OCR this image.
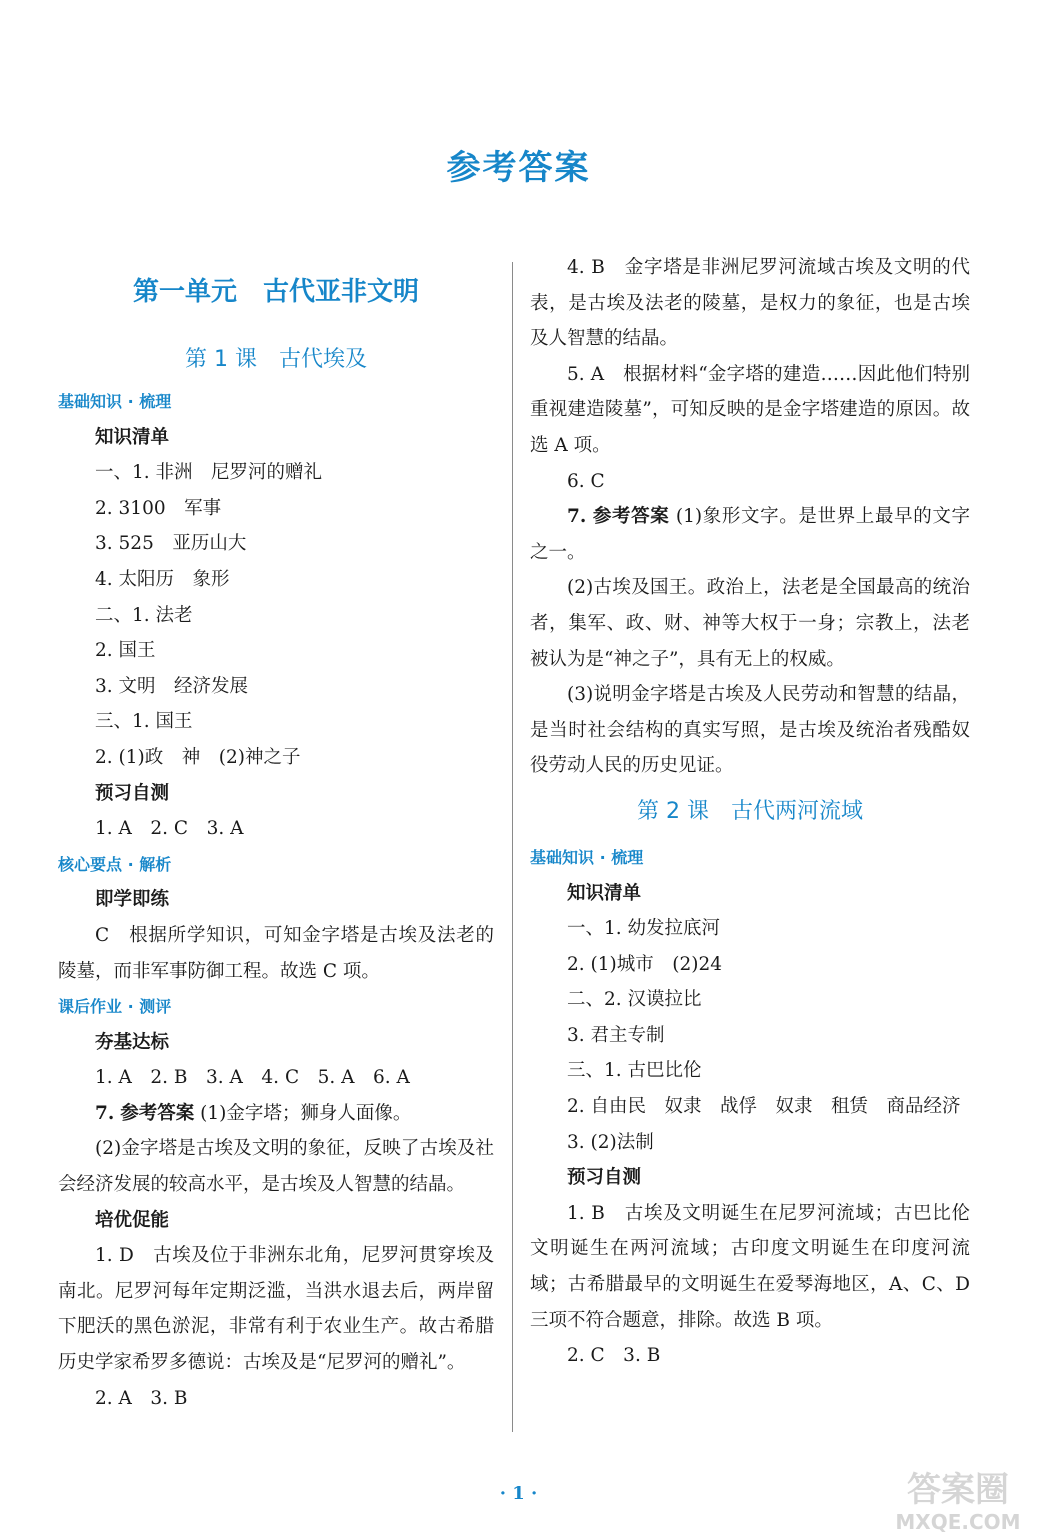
参考答案
第一单元　古代亚非文明
第 1 课　古代埃及
基础知识 · 梳理
知识清单
一、1. 非洲　尼罗河的赠礼
2. 3100　军事
3. 525　亚历山大
4. 太阳历　象形
二、1. 法老
2. 国王
3. 文明　经济发展
三、1. 国王
2. (1)政　神　(2)神之子
预习自测
1. A　2. C　3. A
核心要点 · 解析
即学即练

C　根据所学知识，可知金字塔是古埃及法老的陵墓，而非军事防御工程。故选 C 项。

课后作业 · 测评
夯基达标
1. A　2. B　3. A　4. C　5. A　6. A

7. 参考答案 (1)金字塔；狮身人面像。

(2)金字塔是古埃及文明的象征，反映了古埃及社会经济发展的较高水平，是古埃及人智慧的结晶。

培优促能

1. D　古埃及位于非洲东北角，尼罗河贯穿埃及南北。尼罗河每年定期泛滥，当洪水退去后，两岸留下肥沃的黑色淤泥，非常有利于农业生产。故古希腊历史学家希罗多德说：古埃及是“尼罗河的赠礼”。

2. A　3. B

4. B　金字塔是非洲尼罗河流域古埃及文明的代表，是古埃及法老的陵墓，是权力的象征，也是古埃及人智慧的结晶。

5. A　根据材料“金字塔的建造……因此他们特别重视建造陵墓”，可知反映的是金字塔建造的原因。故选 A 项。

6. C

7. 参考答案 (1)象形文字。是世界上最早的文字之一。

(2)古埃及国王。政治上，法老是全国最高的统治者，集军、政、财、神等大权于一身；宗教上，法老被认为是“神之子”，具有无上的权威。

(3)说明金字塔是古埃及人民劳动和智慧的结晶，是当时社会结构的真实写照，是古埃及统治者残酷奴役劳动人民的历史见证。

第 2 课　古代两河流域
基础知识 · 梳理
知识清单
一、1. 幼发拉底河
2. (1)城市　(2)24
二、2. 汉谟拉比
3. 君主专制
三、1. 古巴比伦

2. 自由民　奴隶　战俘　奴隶　租赁　商品经济

3. (2)法制
预习自测

1. B　古埃及文明诞生在尼罗河流域；古巴比伦文明诞生在两河流域；古印度文明诞生在印度河流域；古希腊最早的文明诞生在爱琴海地区，A、C、D 三项不符合题意，排除。故选 B 项。

2. C　3. B
· 1 ·	答案圈
MXQE.COM
